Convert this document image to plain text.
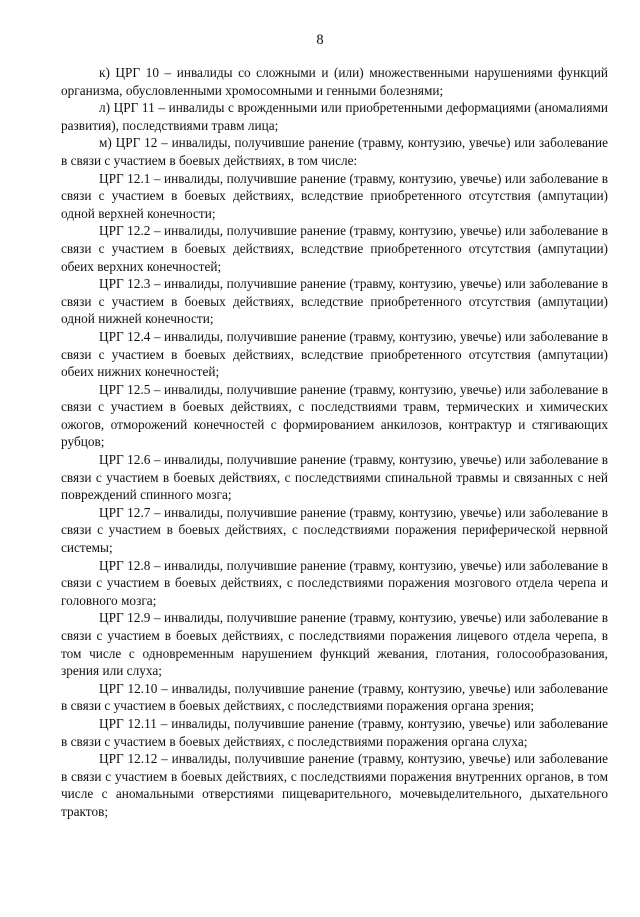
8

к) ЦРГ 10 – инвалиды со сложными и (или) множественными нарушениями функций организма, обусловленными хромосомными и генными болезнями;

л) ЦРГ 11 – инвалиды с врожденными или приобретенными деформациями (аномалиями развития), последствиями травм лица;

м) ЦРГ 12 – инвалиды, получившие ранение (травму, контузию, увечье) или заболевание в связи с участием в боевых действиях, в том числе:

ЦРГ 12.1 – инвалиды, получившие ранение (травму, контузию, увечье) или заболевание в связи с участием в боевых действиях, вследствие приобретенного отсутствия (ампутации) одной верхней конечности;

ЦРГ 12.2 – инвалиды, получившие ранение (травму, контузию, увечье) или заболевание в связи с участием в боевых действиях, вследствие приобретенного отсутствия (ампутации) обеих верхних конечностей;

ЦРГ 12.3 – инвалиды, получившие ранение (травму, контузию, увечье) или заболевание в связи с участием в боевых действиях, вследствие приобретенного отсутствия (ампутации) одной нижней конечности;

ЦРГ 12.4 – инвалиды, получившие ранение (травму, контузию, увечье) или заболевание в связи с участием в боевых действиях, вследствие приобретенного отсутствия (ампутации) обеих нижних конечностей;

ЦРГ 12.5 – инвалиды, получившие ранение (травму, контузию, увечье) или заболевание в связи с участием в боевых действиях, с последствиями травм, термических и химических ожогов, отморожений конечностей с формированием анкилозов, контрактур и стягивающих рубцов;

ЦРГ 12.6 – инвалиды, получившие ранение (травму, контузию, увечье) или заболевание в связи с участием в боевых действиях, с последствиями спинальной травмы и связанных с ней повреждений спинного мозга;

ЦРГ 12.7 – инвалиды, получившие ранение (травму, контузию, увечье) или заболевание в связи с участием в боевых действиях, с последствиями поражения периферической нервной системы;

ЦРГ 12.8 – инвалиды, получившие ранение (травму, контузию, увечье) или заболевание в связи с участием в боевых действиях, с последствиями поражения мозгового отдела черепа и головного мозга;

ЦРГ 12.9 – инвалиды, получившие ранение (травму, контузию, увечье) или заболевание в связи с участием в боевых действиях, с последствиями поражения лицевого отдела черепа, в том числе с одновременным нарушением функций жевания, глотания, голосообразования, зрения или слуха;

ЦРГ 12.10 – инвалиды, получившие ранение (травму, контузию, увечье) или заболевание в связи с участием в боевых действиях, с последствиями поражения органа зрения;

ЦРГ 12.11 – инвалиды, получившие ранение (травму, контузию, увечье) или заболевание в связи с участием в боевых действиях, с последствиями поражения органа слуха;

ЦРГ 12.12 – инвалиды, получившие ранение (травму, контузию, увечье) или заболевание в связи с участием в боевых действиях, с последствиями поражения внутренних органов, в том числе с аномальными отверстиями пищеварительного, мочевыделительного, дыхательного трактов;
